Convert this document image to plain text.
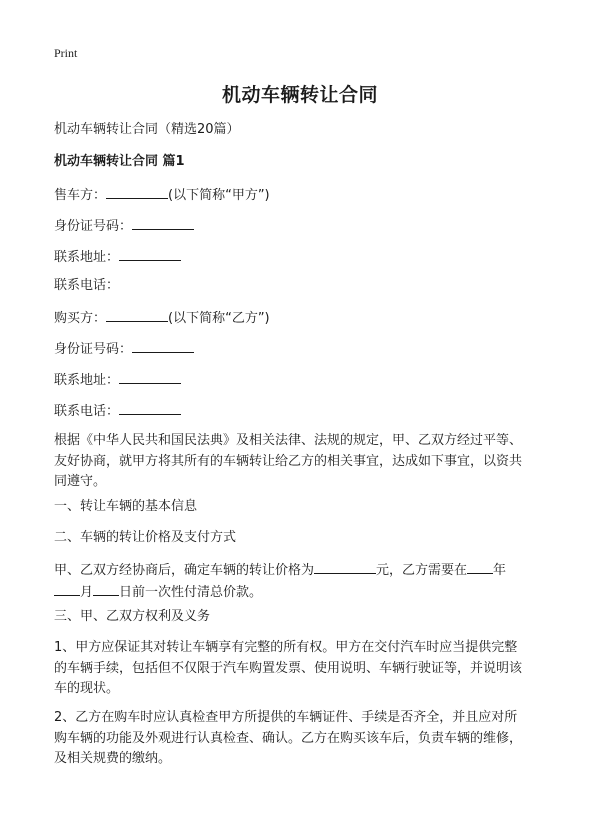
Print
机动车辆转让合同
机动车辆转让合同（精选20篇）
机动车辆转让合同 篇1
售车方：	(以下简称“甲方”)
身份证号码：
联系地址：
联系电话：
购买方：	(以下简称“乙方”)
身份证号码：
联系地址：
联系电话：
根据《中华人民共和国民法典》及相关法律、法规的规定，甲、乙双方经过平等、
友好协商，就甲方将其所有的车辆转让给乙方的相关事宜，达成如下事宜，以资共
同遵守。
一、转让车辆的基本信息
二、车辆的转让价格及支付方式
甲、乙双方经协商后，确定车辆的转让价格为	元，乙方需要在 年
月 日前一次性付清总价款。
三、甲、乙双方权利及义务
1、甲方应保证其对转让车辆享有完整的所有权。甲方在交付汽车时应当提供完整
的车辆手续，包括但不仅限于汽车购置发票、使用说明、车辆行驶证等，并说明该
车的现状。
2、乙方在购车时应认真检查甲方所提供的车辆证件、手续是否齐全，并且应对所
购车辆的功能及外观进行认真检查、确认。乙方在购买该车后，负责车辆的维修，
及相关规费的缴纳。
